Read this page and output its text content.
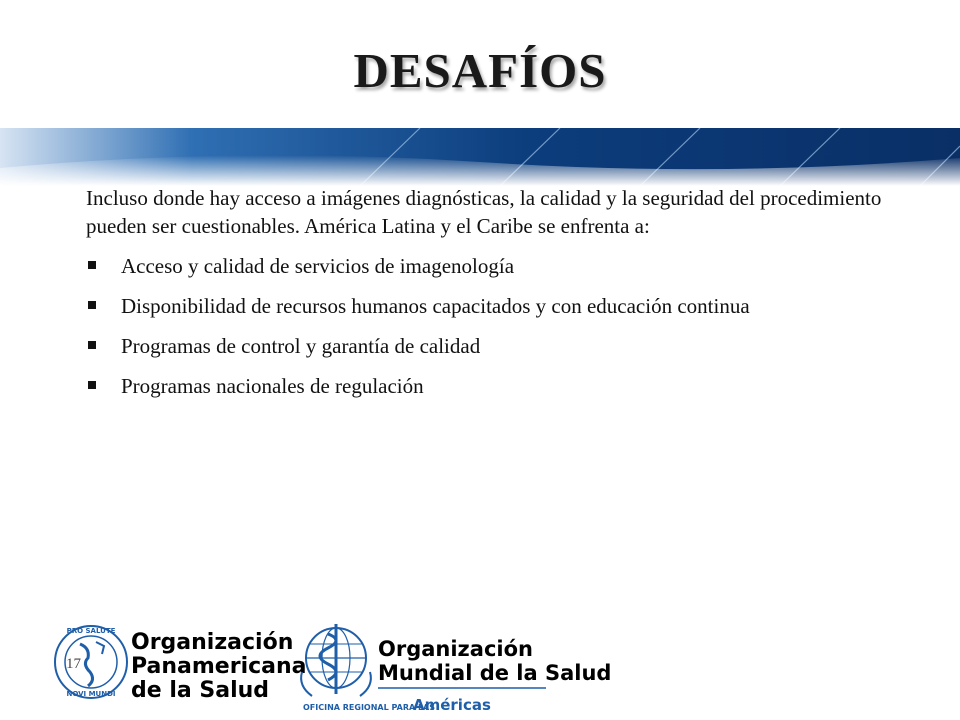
DESAFÍOS

Incluso donde hay acceso a imágenes diagnósticas, la calidad y la seguridad del procedimiento pueden ser cuestionables. América Latina y el Caribe se enfrenta a:

Acceso y calidad de servicios de imagenología
Disponibilidad de recursos humanos capacitados y con educación continua
Programas de control y garantía de calidad
Programas nacionales de regulación
PRO SALUTE
NOVI MUNDI
Organización
Panamericana
de la Salud
Organización
Mundial de la Salud
OFICINA REGIONAL PARA LAS
Américas
17
